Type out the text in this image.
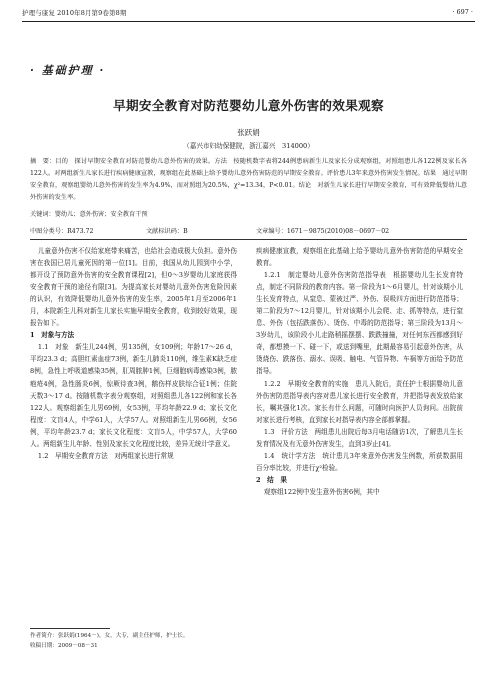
护理与康复 2010年8月第9卷第8期	· 697 ·
· 基础护理 ·
早期安全教育对防范婴幼儿意外伤害的效果观察
张跃娟
（嘉兴市妇幼保健院，浙江嘉兴　314000）
摘　要：目的　探讨早期安全教育对防范婴幼儿意外伤害的效果。方法　按随机数字表将244例患病新生儿及家长分成观察组，对照组患儿各122例及家长各122人。对两组新生儿家长进行疾病健康宣教，观察组在此基础上给予婴幼儿意外伤害防范的早期安全教育。评价患儿3年来意外伤害发生情况。结果　通过早期安全教育，观察组婴幼儿意外伤害的发生率为4.9%，而对照组为20.5%，χ²=13.34，P<0.01。结论　对新生儿家长进行早期安全教育，可有效降低婴幼儿意外伤害的发生率。
关键词：婴幼儿；意外伤害；安全教育干预
中图分类号：R473.72	文献标识码：B	文章编号：1671－9875(2010)08－0697－02

儿童意外伤害不仅给家庭带来痛苦，也给社会造成极大负担。意外伤害在我国已居儿童死因的第一位[1]。目前，我国从幼儿园到中小学，都开设了预防意外伤害的安全教育课程[2]，但0～3岁婴幼儿家庭获得安全教育干预的途径有限[3]。为提高家长对婴幼儿意外伤害危险因素的认识，有效降低婴幼儿意外伤害的发生率，2005年1月至2006年1月，本院新生儿科对新生儿家长实施早期安全教育，收到较好效果，现报告如下。

1　对象与方法

1.1　对象　新生儿244例，男135例，女109例；年龄17～26 d，平均23.3 d；高胆红素血症73例，新生儿肺炎110例，维生素K缺乏症8例，急性上呼吸道感染35例，肛周脓肿1例，巨细胞病毒感染3例，脓疱疮4例，急性肠炎6例，惊厥待查3例，鹅伤样皮肤综合征1例；住院天数3～17 d。按随机数字表分观察组，对照组患儿各122例和家长各122人。观察组新生儿男69例，女53例，平均年龄22.9 d；家长文化程度：文盲4人，中学61人，大学57人。对照组新生儿男66例，女56例，平均年龄23.7 d；家长文化程度：文盲5人，中学57人，大学60人。两组新生儿年龄、性别及家长文化程度比较，差异无统计学意义。

1.2　早期安全教育方法　对两组家长进行常规

疾病健康宣教，观察组在此基础上给予婴幼儿意外伤害防范的早期安全教育。

1.2.1　制定婴幼儿意外伤害防范指导表　根据婴幼儿生长发育特点，制定不同阶段的教育内容。第一阶段为1～6月婴儿，针对该期小儿生长发育特点，从窒息、蒙被过严、外伤、误吸四方面进行防范指导；第二阶段为7～12月婴儿，针对该期小儿会爬、走、抓等特点，进行窒息、外伤（包括跌落伤）、烫伤、中毒的防范指导；第三阶段为13月～3岁幼儿，该阶段小儿走路稍摇摆摆、跌跌撞撞，对任何东西都感到好奇，都想摸一下、碰一下，或送到嘴里，此期最容易引起意外伤害，从烫烧伤、跌落伤、溺水、误吸、触电、气管异物、车祸等方面给予防范指导。

1.2.2　早期安全教育的实施　患儿入院后，责任护士根据婴幼儿意外伤害防范指导表内容对患儿家长进行安全教育，并把指导表发放给家长，嘱其强化1次。家长有什么问题，可随时向医护人员询问。出院前对家长进行考核，直到家长对指导表内容全部都掌握。

1.3　评价方法　两组患儿出院后每3月电话随访1次，了解患儿生长发育情况及有无意外伤害发生，直到3岁止[4]。

1.4　统计学方法　统计患儿3年来意外伤害发生例数，所获数据用百分率比较，并进行χ²检验。

2　结　果

观察组122例中发生意外伤害6例，其中

作者简介：张跃娟(1964－)，女，大专，副主任护师，护士长。
收稿日期：2009－08－31
